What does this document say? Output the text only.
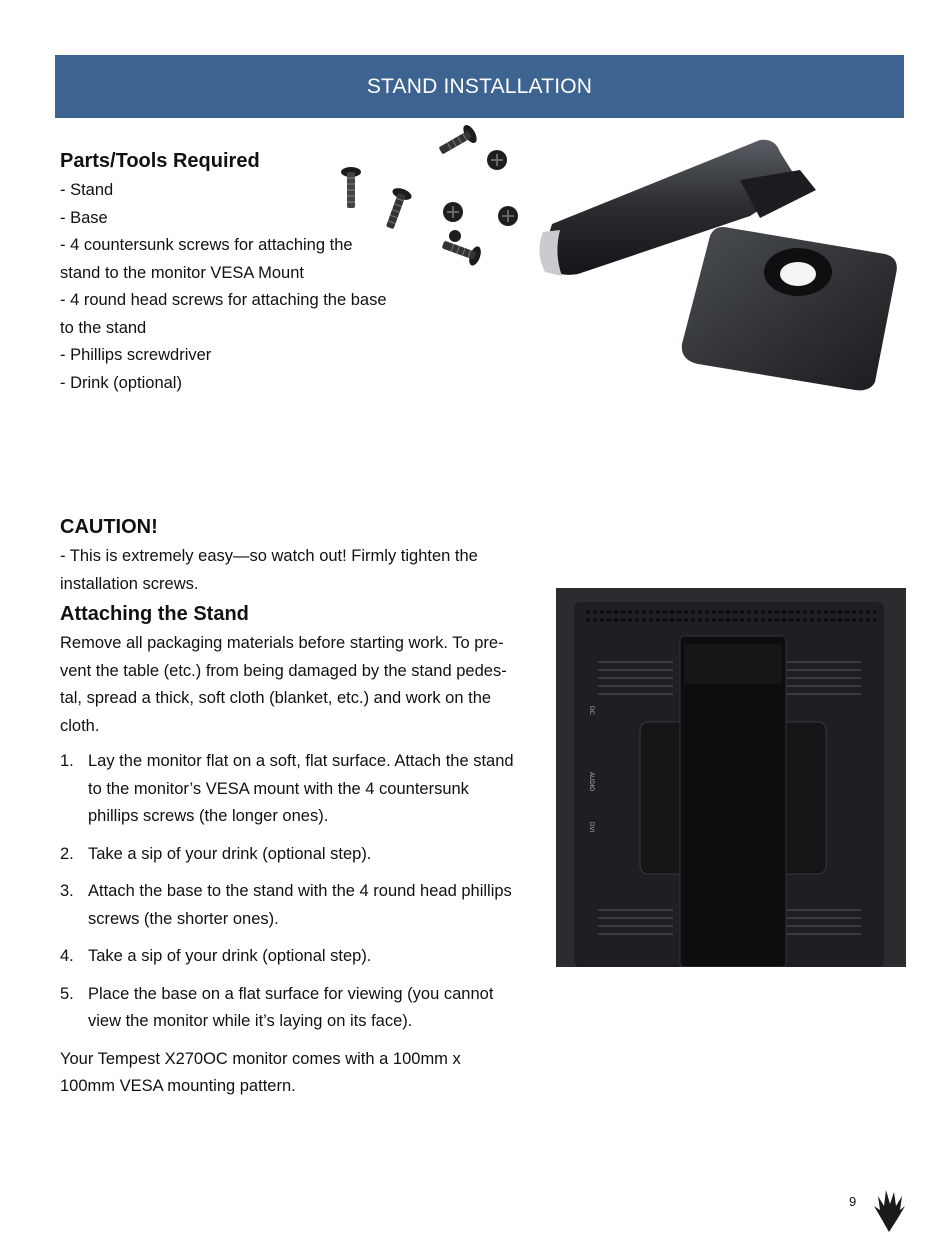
STAND INSTALLATION
Parts/Tools Required
- Stand
- Base
- 4 countersunk screws for attaching the
stand to the monitor VESA Mount
- 4 round head screws for attaching the base
to the stand
- Phillips screwdriver
- Drink (optional)
CAUTION!
- This is extremely easy—so watch out! Firmly tighten the
installation screws.
Attaching the Stand
Remove all packaging materials before starting work. To pre-
vent the table (etc.) from being damaged by the stand pedes-
tal, spread a thick, soft cloth (blanket, etc.) and work on the
cloth.
1. Lay the monitor flat on a soft, flat surface. Attach the stand
to the monitor’s VESA mount with the 4 countersunk
phillips screws (the longer ones).
2. Take a sip of your drink (optional step).
3. Attach the base to the stand with the 4 round head phillips
screws (the shorter ones).
4. Take a sip of your drink (optional step).
5. Place the base on a flat surface for viewing (you cannot
view the monitor while it’s laying on its face).
Your Tempest X270OC monitor comes with a 100mm x
100mm VESA mounting pattern.
DC
AUDIO
DVI
9
